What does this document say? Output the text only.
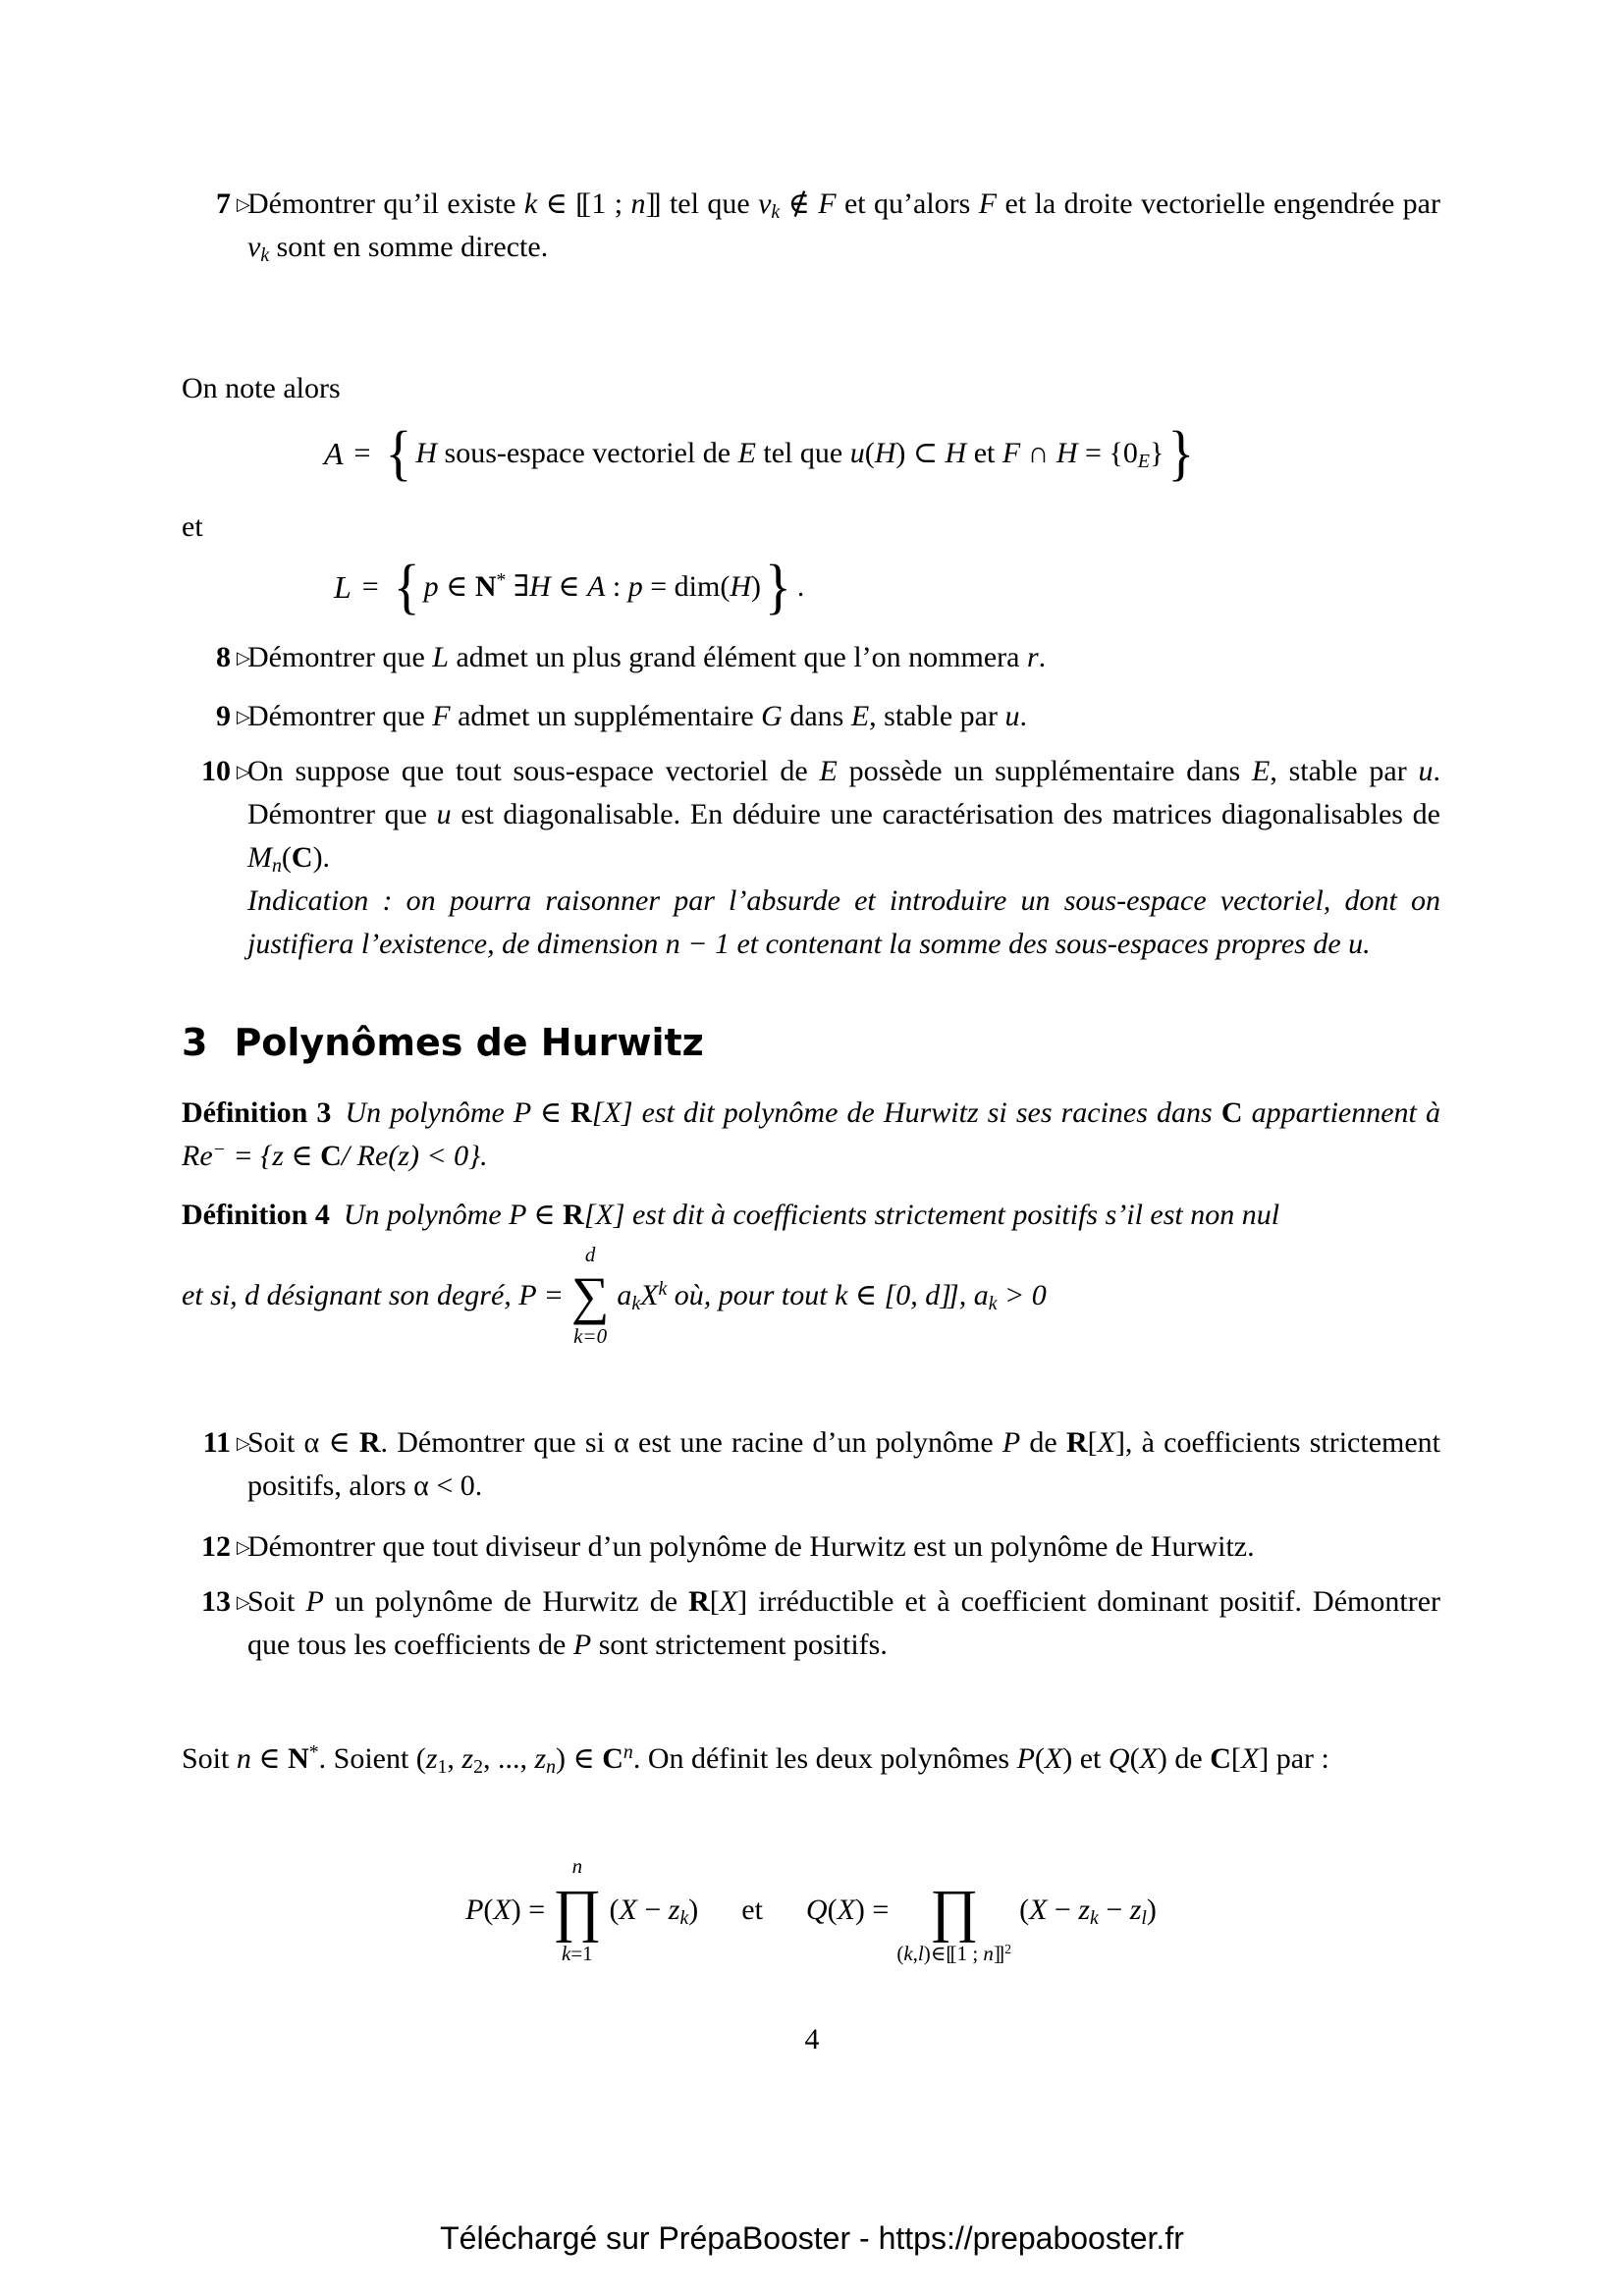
7 ▷
Démontrer qu’il existe k ∈ [[ 1 ; n]] tel que $v_k$ ∉ F et qu’alors F et la droite vectorielle engendrée par $v_k$ sont en somme directe.
On note alors
A = { H sous-espace vectoriel de E tel que u(H) ⊂ H et F ∩ $H = \{0_E\}$ }
et
L = { p ∈ N* ∃H ∈ A : p = dim(H) } .
8 ▷
Démontrer que L admet un plus grand élément que l’on nommera r.
9 ▷
Démontrer que F admet un supplémentaire G dans E, stable par u.
10 ▷
On suppose que tout sous-espace vectoriel de E possède un supplémentaire dans E, stable par u. Démontrer que u est diagonalisable. En déduire une caractérisation des matrices diagonalisables de $M_n(C)$.
Indication : on pourra raisonner par l’absurde et introduire un sous-espace vectoriel, dont on justifiera l’existence, de dimension n − 1 et contenant la somme des sous-espaces propres de u.
3 Polynômes de Hurwitz
Définition 3 Un polynôme P ∈ R[X] est dit polynôme de Hurwitz si ses racines dans C appartiennent à Re− = {z ∈ C/ Re(z) < 0}.
Définition 4 Un polynôme P ∈ R[X] est dit à coefficients strictement positifs s’il est non nul
et si, d désignant son degré, P =
d
∑
k=0
$a_kX^k$ où, pour tout k ∈ [0, d]] , $a_k > 0$
11 ▷
Soit α ∈ R. Démontrer que si α est une racine d’un polynôme P de R[X], à coefficients strictement positifs, alors α < 0.
12 ▷
Démontrer que tout diviseur d’un polynôme de Hurwitz est un polynôme de Hurwitz.
13 ▷
Soit P un polynôme de Hurwitz de R[X] irréductible et à coefficient dominant positif. Démontrer que tous les coefficients de P sont strictement positifs.
Soit n ∈ N*. Soient ($z_1$, $z_2$, ..., $z_n$) ∈ $C^n$. On définit les deux polynômes P(X) et Q(X) de C[X] par :
P(X) =
n
∏
k=1
$(X - z_k)$ et Q(X) = ∏
(k,l)∈[[ 1 ; n]] $^2$
$(X - z_k - z_l)$
4
Téléchargé sur PrépaBooster - https://prepabooster.fr
